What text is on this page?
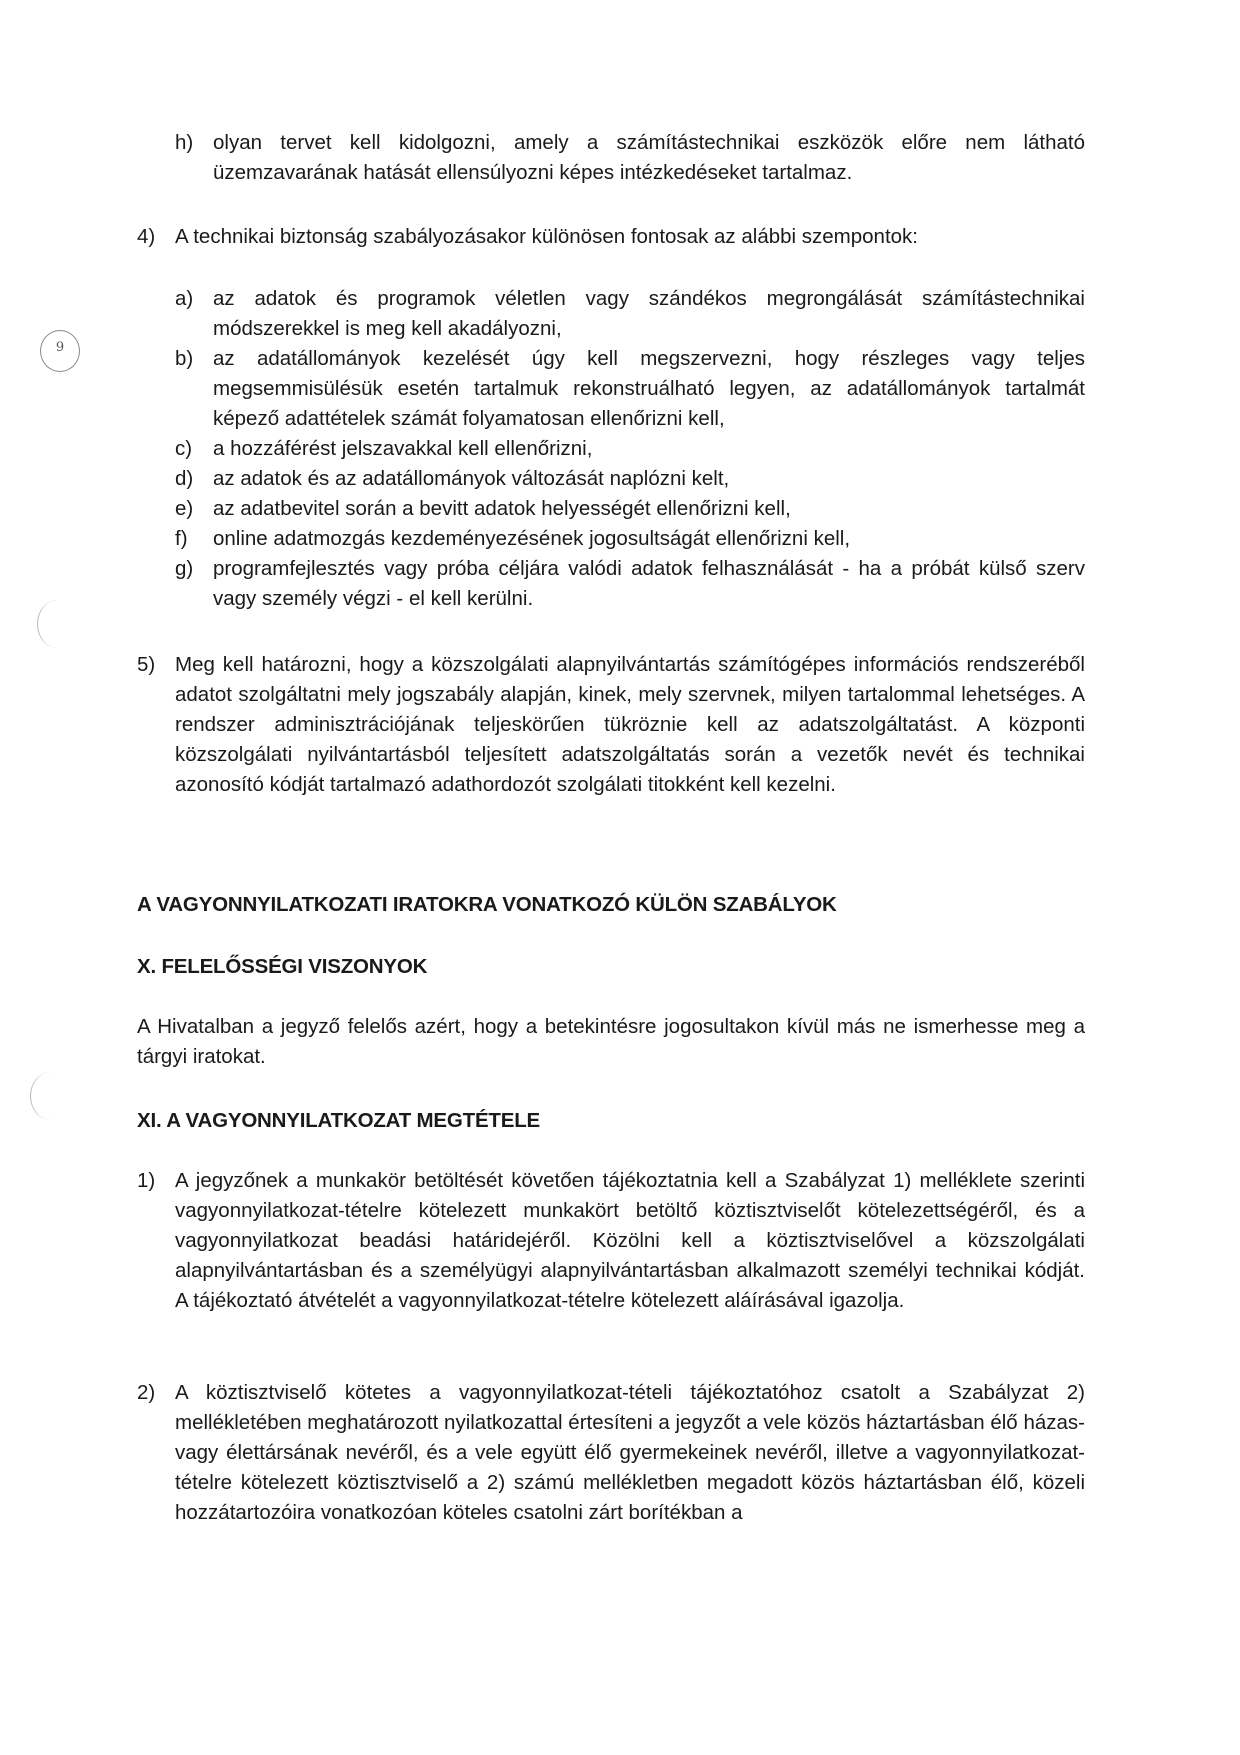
9
h) olyan tervet kell kidolgozni, amely a számítástechnikai eszközök előre nem látható üzemzavarának hatását ellensúlyozni képes intézkedéseket tartalmaz.
4) A technikai biztonság szabályozásakor különösen fontosak az alábbi szempontok:
a) az adatok és programok véletlen vagy szándékos megrongálását számítástechnikai módszerekkel is meg kell akadályozni,
b) az adatállományok kezelését úgy kell megszervezni, hogy részleges vagy teljes megsemmisülésük esetén tartalmuk rekonstruálható legyen, az adatállományok tartalmát képező adattételek számát folyamatosan ellenőrizni kell,
c) a hozzáférést jelszavakkal kell ellenőrizni,
d) az adatok és az adatállományok változását naplózni kelt,
e) az adatbevitel során a bevitt adatok helyességét ellenőrizni kell,
f) online adatmozgás kezdeményezésének jogosultságát ellenőrizni kell,
g) programfejlesztés vagy próba céljára valódi adatok felhasználását - ha a próbát külső szerv vagy személy végzi - el kell kerülni.
5) Meg kell határozni, hogy a közszolgálati alapnyilvántartás számítógépes információs rendszeréből adatot szolgáltatni mely jogszabály alapján, kinek, mely szervnek, milyen tartalommal lehetséges. A rendszer adminisztrációjának teljeskörűen tükröznie kell az adatszolgáltatást. A központi közszolgálati nyilvántartásból teljesített adatszolgáltatás során a vezetők nevét és technikai azonosító kódját tartalmazó adathordozót szolgálati titokként kell kezelni.
A VAGYONNYILATKOZATI IRATOKRA VONATKOZÓ KÜLÖN SZABÁLYOK
X. FELELŐSSÉGI VISZONYOK
A Hivatalban a jegyző felelős azért, hogy a betekintésre jogosultakon kívül más ne ismerhesse meg a tárgyi iratokat.
XI. A VAGYONNYILATKOZAT MEGTÉTELE
1) A jegyzőnek a munkakör betöltését követően tájékoztatnia kell a Szabályzat 1) melléklete szerinti vagyonnyilatkozat-tételre kötelezett munkakört betöltő köztisztviselőt kötelezettségéről, és a vagyonnyilatkozat beadási határidejéről. Közölni kell a köztisztviselővel a közszolgálati alapnyilvántartásban és a személyügyi alapnyilvántartásban alkalmazott személyi technikai kódját. A tájékoztató átvételét a vagyonnyilatkozat-tételre kötelezett aláírásával igazolja.
2) A köztisztviselő kötetes a vagyonnyilatkozat-tételi tájékoztatóhoz csatolt a Szabályzat 2) mellékletében meghatározott nyilatkozattal értesíteni a jegyzőt a vele közös háztartásban élő házas- vagy élettársának nevéről, és a vele együtt élő gyermekeinek nevéről, illetve a vagyonnyilatkozat-tételre kötelezett köztisztviselő a 2) számú mellékletben megadott közös háztartásban élő, közeli hozzátartozóira vonatkozóan köteles csatolni zárt borítékban a
